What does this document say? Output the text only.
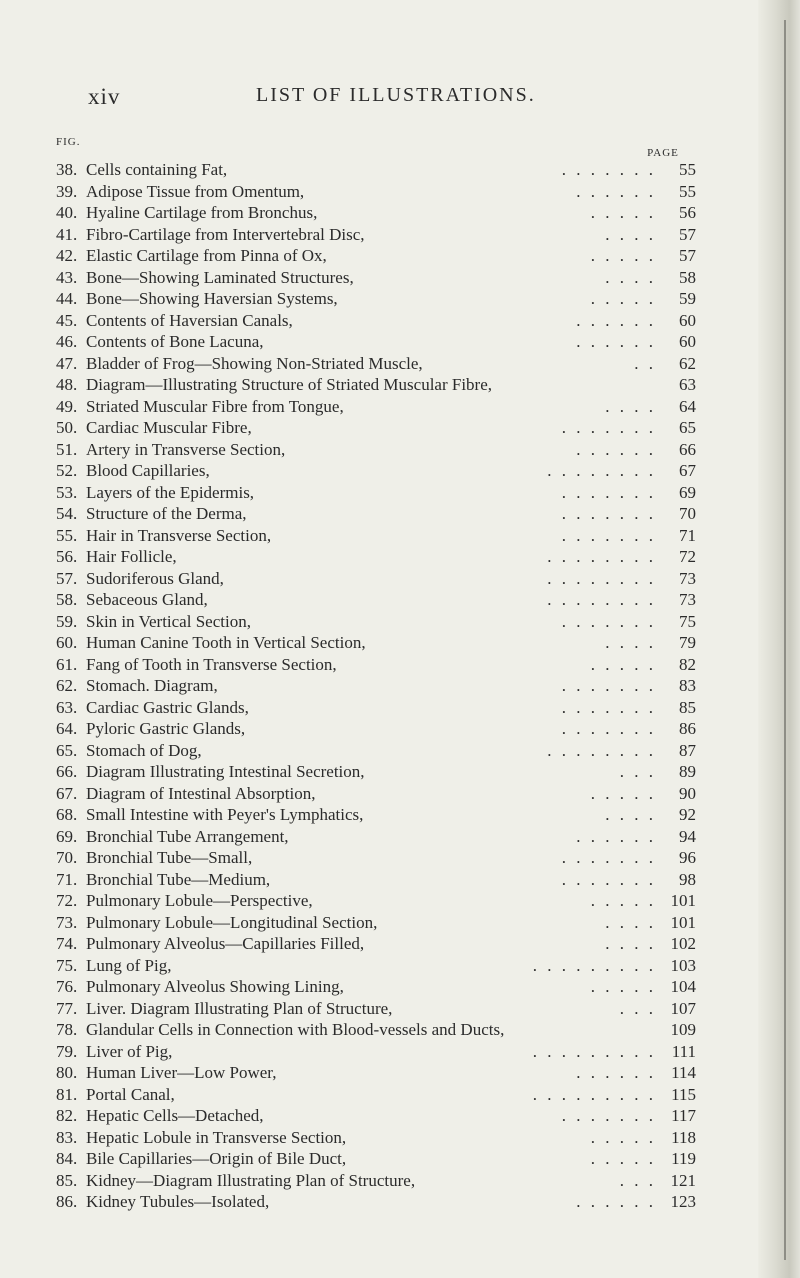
xiv	LIST OF ILLUSTRATIONS.
FIG.
PAGE
38. Cells containing Fat,	. . . . . . .	55
39. Adipose Tissue from Omentum,	. . . . . .	55
40. Hyaline Cartilage from Bronchus,	. . . . .	56
41. Fibro-Cartilage from Intervertebral Disc,	. . . .	57
42. Elastic Cartilage from Pinna of Ox,	. . . . .	57
43. Bone—Showing Laminated Structures,	. . . .	58
44. Bone—Showing Haversian Systems,	. . . . .	59
45. Contents of Haversian Canals,	. . . . . .	60
46. Contents of Bone Lacuna,	. . . . . .	60
47. Bladder of Frog—Showing Non-Striated Muscle,	. .	62
48. Diagram—Illustrating Structure of Striated Muscular Fibre,	63
49. Striated Muscular Fibre from Tongue,	. . . .	64
50. Cardiac Muscular Fibre,	. . . . . . .	65
51. Artery in Transverse Section,	. . . . . .	66
52. Blood Capillaries,	. . . . . . . .	67
53. Layers of the Epidermis,	. . . . . . .	69
54. Structure of the Derma,	. . . . . . .	70
55. Hair in Transverse Section,	. . . . . . .	71
56. Hair Follicle,	. . . . . . . .	72
57. Sudoriferous Gland,	. . . . . . . .	73
58. Sebaceous Gland,	. . . . . . . .	73
59. Skin in Vertical Section,	. . . . . . .	75
60. Human Canine Tooth in Vertical Section,	. . . .	79
61. Fang of Tooth in Transverse Section,	. . . . .	82
62. Stomach. Diagram,	. . . . . . .	83
63. Cardiac Gastric Glands,	. . . . . . .	85
64. Pyloric Gastric Glands,	. . . . . . .	86
65. Stomach of Dog,	. . . . . . . .	87
66. Diagram Illustrating Intestinal Secretion,	. . .	89
67. Diagram of Intestinal Absorption,	. . . . .	90
68. Small Intestine with Peyer's Lymphatics,	. . . .	92
69. Bronchial Tube Arrangement,	. . . . . .	94
70. Bronchial Tube—Small,	. . . . . . .	96
71. Bronchial Tube—Medium,	. . . . . . .	98
72. Pulmonary Lobule—Perspective,	. . . . . 101
73. Pulmonary Lobule—Longitudinal Section,	. . . . 101
74. Pulmonary Alveolus—Capillaries Filled,	. . . . 102
75. Lung of Pig,	. . . . . . . . . 103
76. Pulmonary Alveolus Showing Lining,	. . . . . 104
77. Liver. Diagram Illustrating Plan of Structure,	. . . 107
78. Glandular Cells in Connection with Blood-vessels and Ducts,	109
79. Liver of Pig,	. . . . . . . . . 111
80. Human Liver—Low Power,	. . . . . . 114
81. Portal Canal,	. . . . . . . . . 115
82. Hepatic Cells—Detached,	. . . . . . . 117
83. Hepatic Lobule in Transverse Section,	. . . . . 118
84. Bile Capillaries—Origin of Bile Duct,	. . . . . 119
85. Kidney—Diagram Illustrating Plan of Structure,	. . . 121
86. Kidney Tubules—Isolated,	. . . . . . 123
